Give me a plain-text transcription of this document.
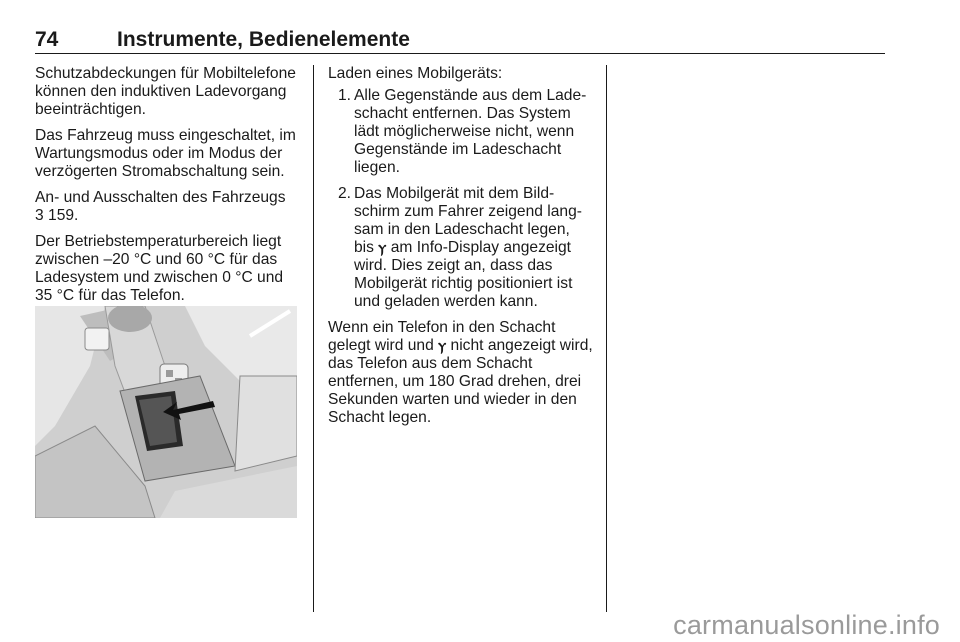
74	Instrumente, Bedienelemente

Schutzabdeckungen für Mobiltelefone können den induktiven Ladevorgang beeinträchtigen.

Das Fahrzeug muss eingeschaltet, im Wartungsmodus oder im Modus der verzögerten Stromabschaltung sein.

An- und Ausschalten des Fahrzeugs
3 159.

Der Betriebstemperaturbereich liegt zwischen –20 °C und 60 °C für das Ladesystem und zwischen 0 °C und 35 °C für das Telefon.

Laden eines Mobilgeräts:

1. Alle Gegenstände aus dem Ladeschacht entfernen. Das System lädt möglicherweise nicht, wenn Gegenstände im Ladeschacht liegen.
2. Das Mobilgerät mit dem Bildschirm zum Fahrer zeigend langsam in den Ladeschacht legen, bis ⲩ am Info-Display angezeigt wird. Dies zeigt an, dass das Mobilgerät richtig positioniert ist und geladen werden kann.

Wenn ein Telefon in den Schacht gelegt wird und ⲩ nicht angezeigt wird, das Telefon aus dem Schacht entfernen, um 180 Grad drehen, drei Sekunden warten und wieder in den Schacht legen.

carmanualsonline.info
